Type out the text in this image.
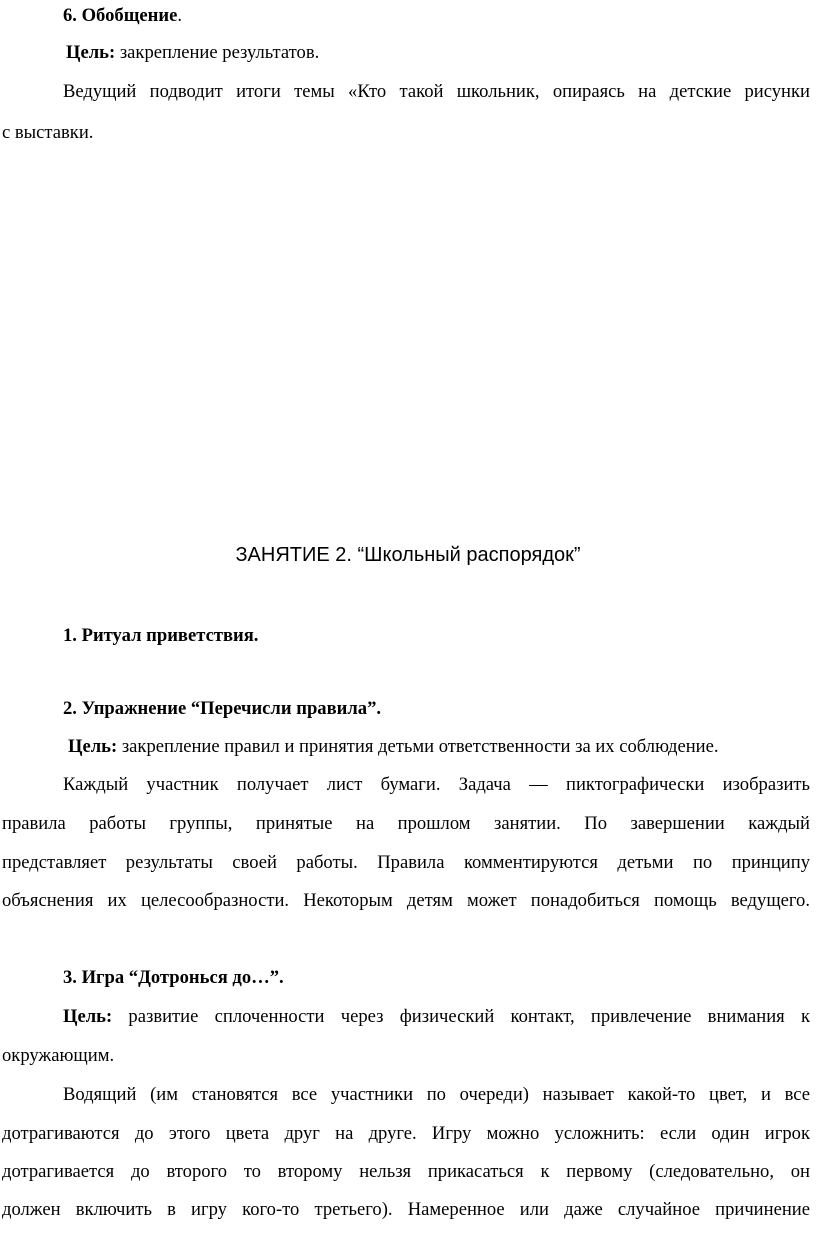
6. Обобщение.
Цель: закрепление результатов.
Ведущий подводит итоги темы «Кто такой школьник, опираясь на детские рисунки
с выставки.
ЗАНЯТИЕ 2. “Школьный распорядок”
1. Ритуал приветствия.
2. Упражнение “Перечисли правила”.
Цель: закрепление правил и принятия детьми ответственности за их соблюдение.
Каждый участник получает лист бумаги. Задача — пиктографически изобразить
правила работы группы, принятые на прошлом занятии. По завершении каждый
представляет результаты своей работы. Правила комментируются детьми по принципу
объяснения их целесообразности. Некоторым детям может понадобиться помощь ведущего.
3. Игра “Дотронься до…”.
Цель: развитие сплоченности через физический контакт, привлечение внимания к
окружающим.
Водящий (им становятся все участники по очереди) называет какой-то цвет, и все
дотрагиваются до этого цвета друг на друге. Игру можно усложнить: если один игрок
дотрагивается до второго то второму нельзя прикасаться к первому (следовательно, он
должен включить в игру кого-то третьего). Намеренное или даже случайное причинение
